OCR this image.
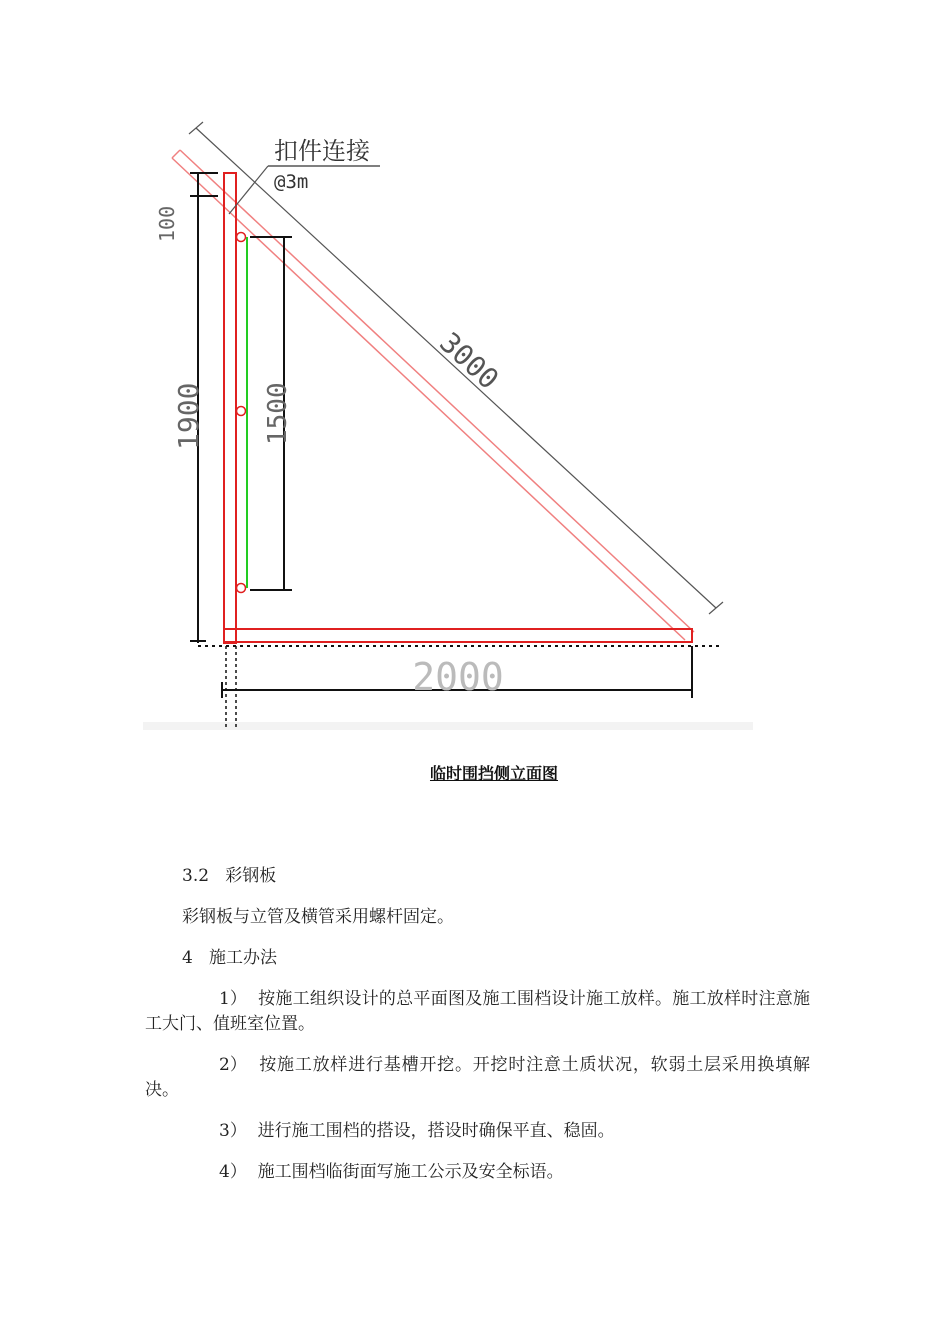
3000
扣件连接
@3m
1900
100
1500
2000
临时围挡侧立面图
3.2 彩钢板
彩钢板与立管及横管采用螺杆固定。
4 施工办法
1） 按施工组织设计的总平面图及施工围档设计施工放样。施工放样时注意施工大门、值班室位置。
2） 按施工放样进行基槽开挖。开挖时注意土质状况，软弱土层采用换填解决。
3） 进行施工围档的搭设，搭设时确保平直、稳固。
4） 施工围档临街面写施工公示及安全标语。
